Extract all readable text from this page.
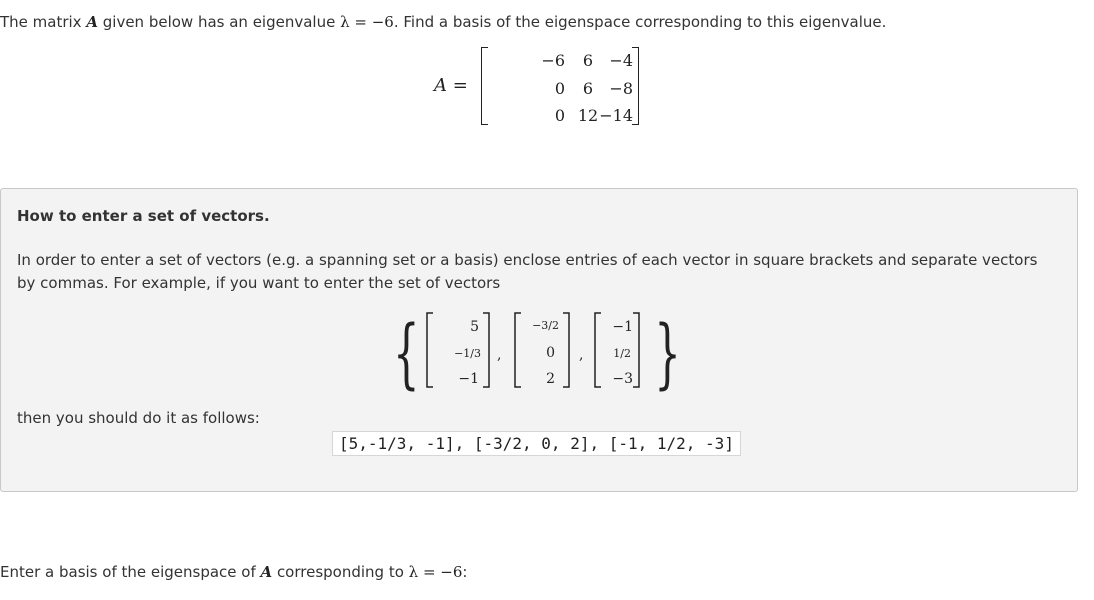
The matrix A given below has an eigenvalue λ = −6. Find a basis of the eigenspace corresponding to this eigenvalue.
A =
−6	6	−4
0	6	−8
0 12 −14
How to enter a set of vectors.
In order to enter a set of vectors (e.g. a spanning set or a basis) enclose entries of each vector in square brackets and separate vectors by commas. For example, if you want to enter the set of vectors
{	}
5
−1/3
−1
,
−3/2
0
2
,
−1
1/2
−3
then you should do it as follows:
[5,-1/3, -1], [-3/2, 0, 2], [-1, 1/2, -3]
Enter a basis of the eigenspace of A corresponding to λ = −6:
